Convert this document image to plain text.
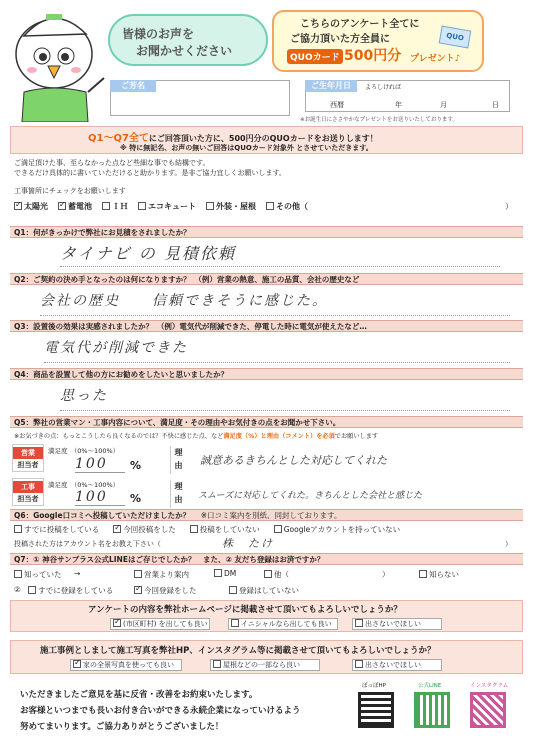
皆様のお声を
お聞かせください
こちらのアンケート全てに
ご協力頂いた方全員に
QUOカード 500円分 プレゼント♪
QUO
ご芳名	ご生年月日	よろしければ
西暦	年	月	日
※お誕生日にささやかなプレゼントをお送りいたしております。
Q1～Q7全てにご回答頂いた方に、500円分のQUOカードをお送りします！
※ 特に無記名、お声の無いご回答はQUOカード対象外 とさせていただきます。
ご満足頂けた事、至らなかった点など些細な事でも結構です。
できるだけ具体的に書いていただけると助かります。是非ご協力宜しくお願いします。
工事箇所にチェックをお願いします
✓太陽光 ✓	蓄電池	ＩＨ	エコキュート	外装・屋根	その他（	）
Q1：何がきっかけで弊社にお見積をされましたか？
タイナビ の 見積依頼
Q2：ご契約の決め手となったのは何になりますか？　（例）営業の熱意、施工の品質、会社の歴史など
会社の歴史　　信頼できそうに感じた。
Q3：設置後の効果は実感されましたか？　（例）電気代が削減できた、停電した時に電気が使えたなど…
電気代が削減できた
Q4：商品を設置して他の方にお勧めをしたいと思いましたか？
思った
Q5：弊社の営業マン・工事内容について、満足度・その理由やお気付きの点をお聞かせ下さい。
※お気づきの点：もっとこうしたら良くなるのでは？不快に感じた点、など満足度（%）と理由（コメント）を必須でお願いします
営業
担当者
満足度　（0%～100%）
100	%
理
由	誠意あるきちんとした対応してくれた
工事
担当者
満足度　（0%～100%）
100	%
理
由	スムーズに対応してくれた。きちんとした会社と感じた
Q6：Google口コミへ投稿していただけましたか？ ※口コミ案内を別紙、同封しております。
すでに投稿をしている ✓	今回投稿をした	投稿をしていない	Googleアカウントを持っていない
投稿された方はアカウント名をお教え下さい（	株　たけ	）
Q7：① 神谷サンプラス公式LINEはご存じでしたか？　また、② 友だち登録はお済ですか？
知っていた →	営業より案内	DM	他（	）	知らない
②	すでに登録をしている ✓	今回登録をした	登録はしていない
アンケートの内容を弊社ホームページに掲載させて頂いてもよろしいでしょうか？
✓(市区町村) を出しても良い	イニシャルなら出しても良い	出さないでほしい
施工事例としまして施工写真を弊社HP、インスタグラム等に掲載させて頂いてもよろしいでしょうか？
✓家の全景写真を使っても良い	屋根などの一部なら良い	出さないでほしい
いただきましたご意見を基に反省・改善をお約束いたします。
お客様といつまでも長いお付き合いができる永続企業になっていけるよう
努めてまいります。ご協力ありがとうございました！
ぽっぽHP	公式LINE	インスタグラム
